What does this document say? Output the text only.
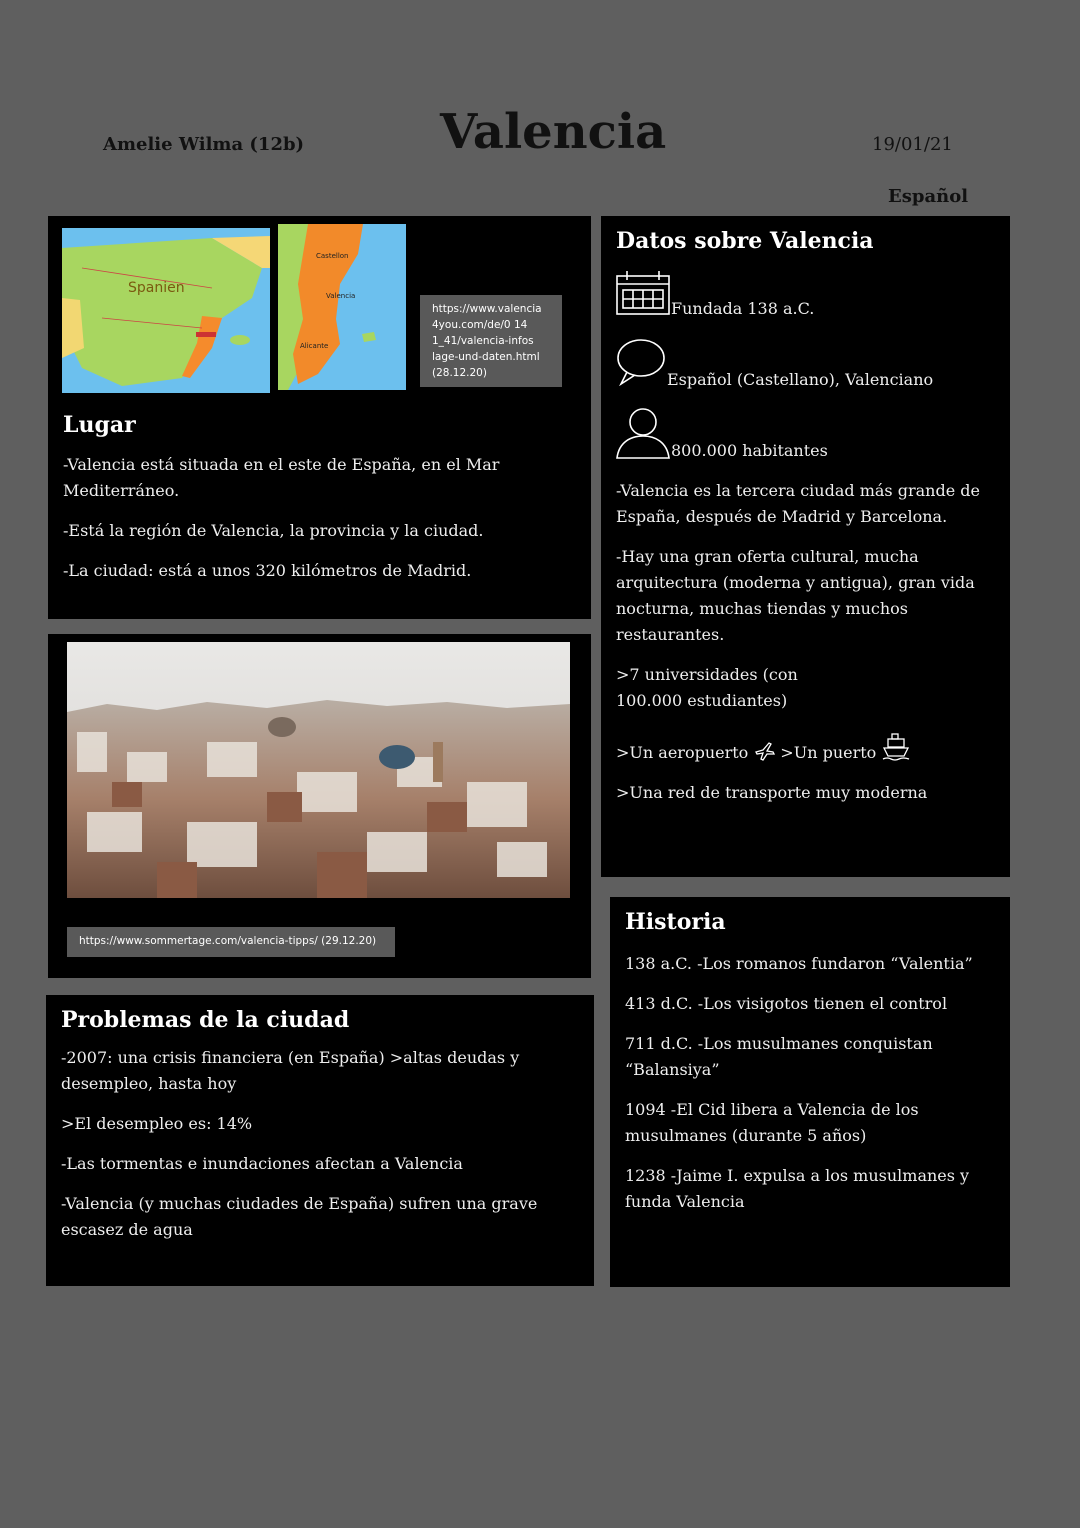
Amelie Wilma (12b)	Valencia	19/01/21
Español
Spanien
Castellon
Valencia
Alicante
https://www.valencia
4you.com/de/0 14
1_41/valencia-infos
lage-und-daten.html
(28.12.20)
Lugar

-Valencia está situada en el este de España, en el Mar Mediterráneo.

-Está la región de Valencia, la provincia y la ciudad.

-La ciudad: está a unos 320 kilómetros de Madrid.

https://www.sommertage.com/valencia-tipps/ (29.12.20)
Problemas de la ciudad

-2007: una crisis financiera (en España) >altas deudas y desempleo, hasta hoy

>El desempleo es: 14%

-Las tormentas e inundaciones afectan a Valencia

-Valencia (y muchas ciudades de España) sufren una grave escasez de agua

Datos sobre Valencia

Fundada 138 a.C.

Español (Castellano), Valenciano

800.000 habitantes

-Valencia es la tercera ciudad más grande de España, después de Madrid y Barcelona.

-Hay una gran oferta cultural, mucha arquitectura (moderna y antigua), gran vida nocturna, muchas tiendas y muchos restaurantes.

>7 universidades (con 100.000 estudiantes)

>Un aeropuerto >Un puerto

>Una red de transporte muy moderna

Historia

138 a.C. -Los romanos fundaron “Valentia”

413 d.C. -Los visigotos tienen el control

711 d.C. -Los musulmanes conquistan “Balansiya”

1094 -El Cid libera a Valencia de los musulmanes (durante 5 años)

1238 -Jaime I. expulsa a los musulmanes y funda Valencia
